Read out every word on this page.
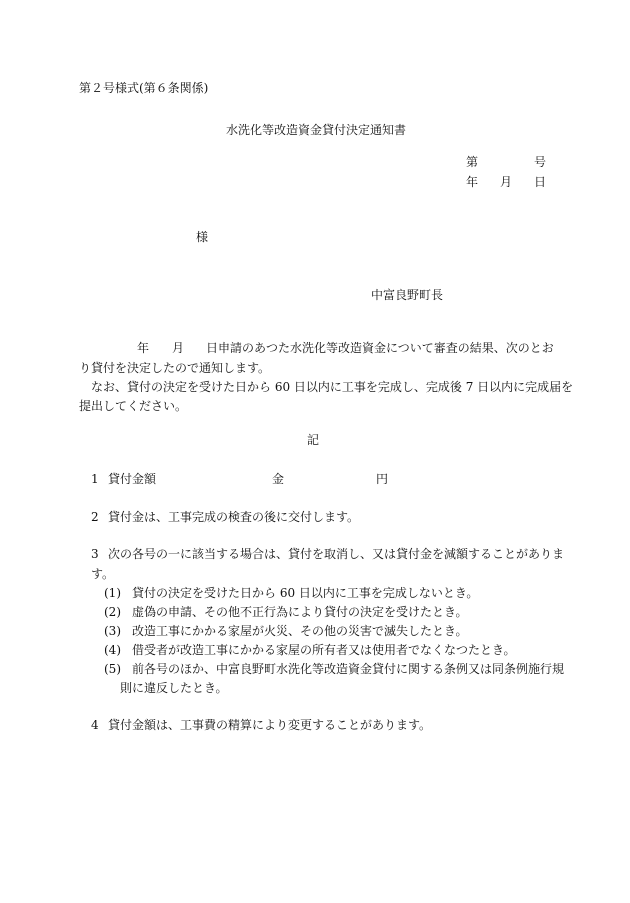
第２号様式(第６条関係)
水洗化等改造資金貸付決定通知書
第	号
年 月 日
様
中富良野町長
年 月 日申請のあつた水洗化等改造資金について審査の結果、次のとお
り貸付を決定したので通知します。
なお、貸付の決定を受けた日から 60 日以内に工事を完成し、完成後 7 日以内に完成届を
提出してください。
記
1 貸付金額	金	円
2 貸付金は、工事完成の検査の後に交付します。
3 次の各号の一に該当する場合は、貸付を取消し、又は貸付金を減額することがありま
す。
(1) 貸付の決定を受けた日から 60 日以内に工事を完成しないとき。
(2) 虚偽の申請、その他不正行為により貸付の決定を受けたとき。
(3) 改造工事にかかる家屋が火災、その他の災害で滅失したとき。
(4) 借受者が改造工事にかかる家屋の所有者又は使用者でなくなつたとき。
(5) 前各号のほか、中富良野町水洗化等改造資金貸付に関する条例又は同条例施行規
則に違反したとき。
4 貸付金額は、工事費の精算により変更することがあります。
